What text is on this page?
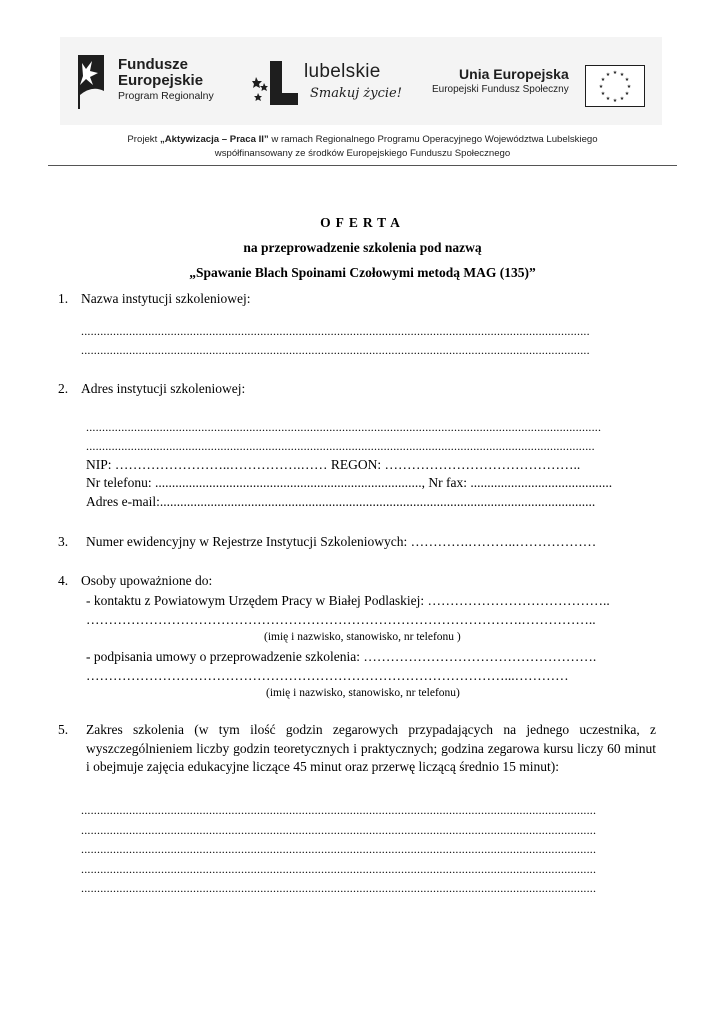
Fundusze
Europejskie
Program Regionalny
lubelskie
Smakuj życie!
Unia Europejska
Europejski Fundusz Społeczny
★ ★
★
★
★
★
★
★
★
★
★
★
Projekt „Aktywizacja – Praca II” w ramach Regionalnego Programu Operacyjnego Województwa Lubelskiego
współfinansowany ze środków Europejskiego Funduszu Społecznego
OFERTA
na przeprowadzenie szkolenia pod nazwą
„Spawanie Blach Spoinami Czołowymi metodą MAG (135)”
1. Nazwa instytucji szkoleniowej:
...............................................................................................................................................................
...............................................................................................................................................................
2. Adres instytucji szkoleniowej:
.................................................................................................................................................................
...............................................................................................................................................................
NIP: ……………………..…………….…… REGON: ……………………………………..
Nr telefonu: ..............................................................................., Nr fax: ..........................................
Adres e-mail:.................................................................................................................................
3. Numer ewidencyjny w Rejestrze Instytucji Szkoleniowych: ………….………..………………
4. Osoby upoważnione do:
- kontaktu z Powiatowym Urzędem Pracy w Białej Podlaskiej: …………………………………..
…………………………………………………………………………………….……………..
(imię i nazwisko, stanowisko, nr telefonu )
- podpisania umowy o przeprowadzenie szkolenia: …………………………………………….
…………………………………………………………………………………...…………
(imię i nazwisko, stanowisko, nr telefonu)
5. Zakres szkolenia (w tym ilość godzin zegarowych przypadających na jednego uczestnika, z wyszczególnieniem liczby godzin teoretycznych i praktycznych; godzina zegarowa kursu liczy 60 minut i obejmuje zajęcia edukacyjne liczące 45 minut oraz przerwę liczącą średnio 15 minut):
.................................................................................................................................................................
.................................................................................................................................................................
.................................................................................................................................................................
.................................................................................................................................................................
.................................................................................................................................................................
